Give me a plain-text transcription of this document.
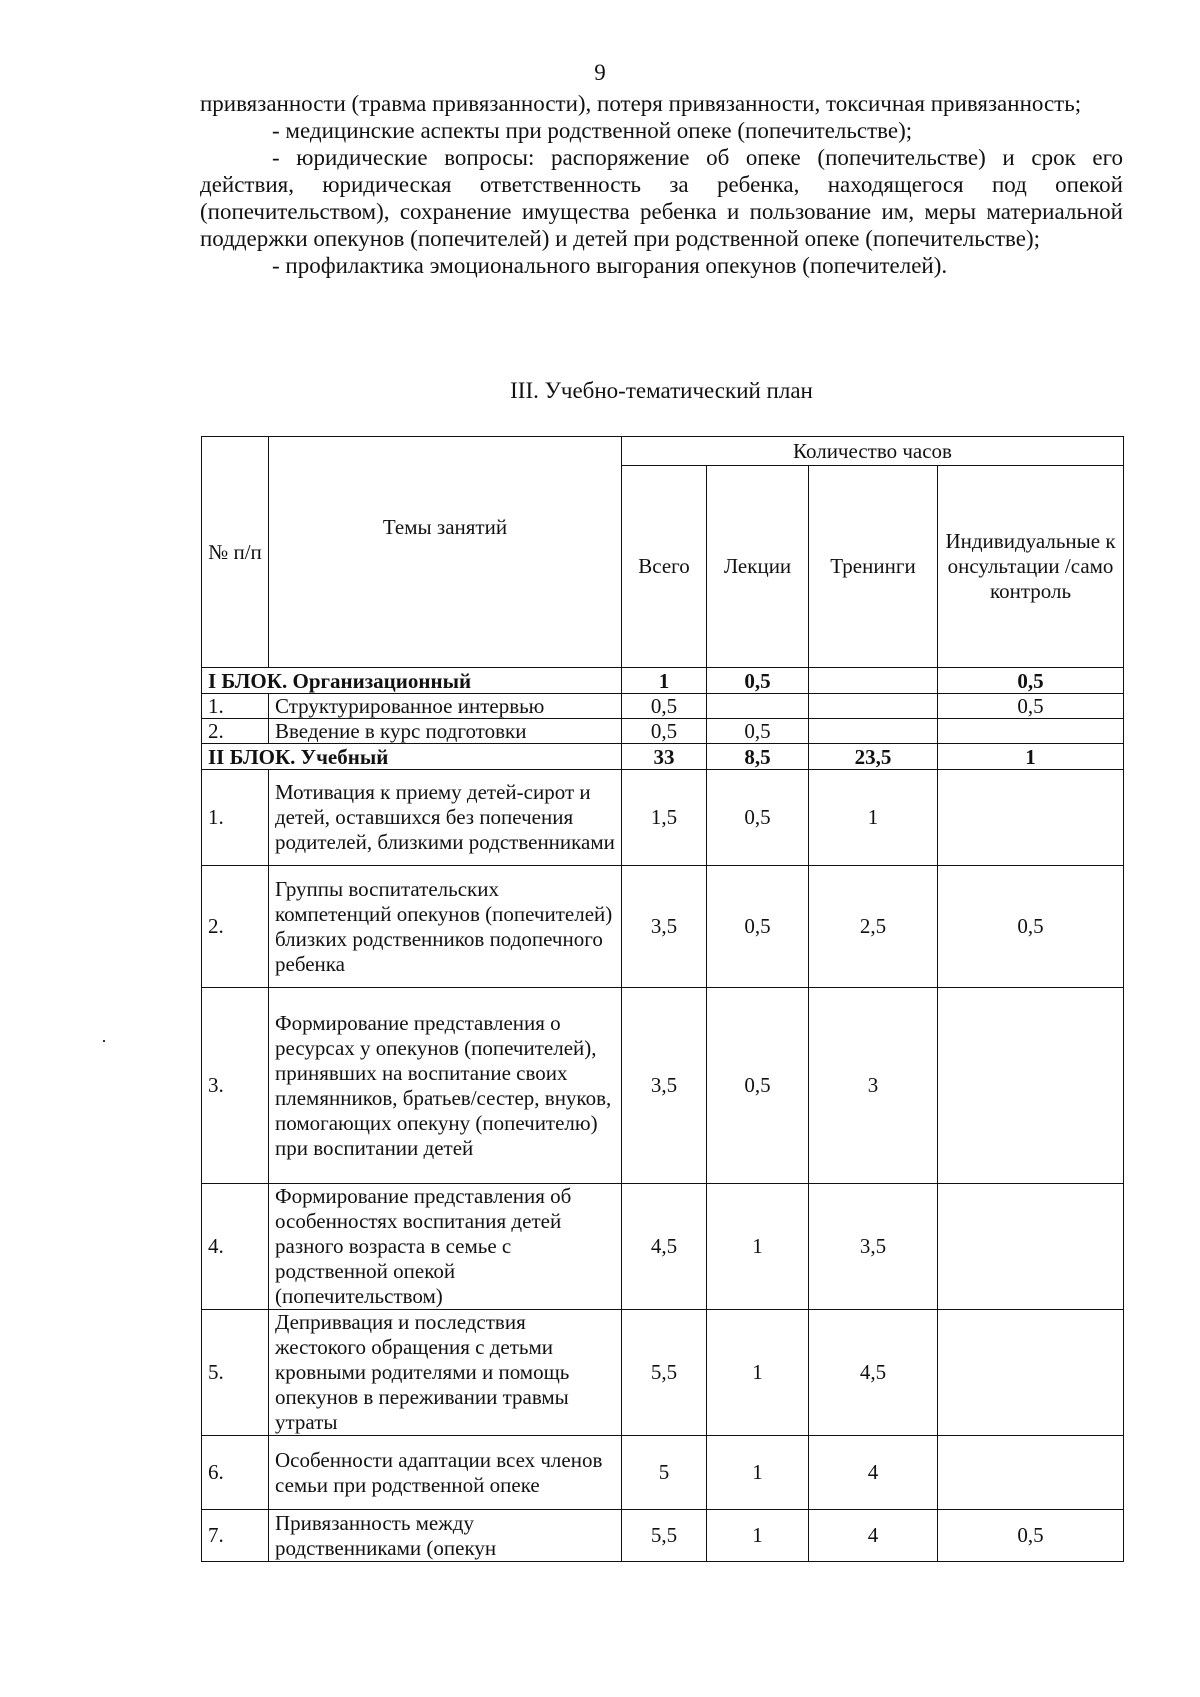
9

привязанности (травма привязанности), потеря привязанности, токсичная привязанность;

- медицинские аспекты при родственной опеке (попечительстве);

- юридические вопросы: распоряжение об опеке (попечительстве) и срок его действия, юридическая ответственность за ребенка, находящегося под опекой (попечительством), сохранение имущества ребенка и пользование им, меры материальной поддержки опекунов (попечителей) и детей при родственной опеке (попечительстве);

- профилактика эмоционального выгорания опекунов (попечителей).

III. Учебно-тематический план
№ п/п	Темы занятий	Количество часов			
		Всего	Лекции	Тренинги	Индивидуальные консультации /самоконтроль
I БЛОК. Организационный		1	0,5		0,5
1.	Структурированное интервью	0,5			0,5
2.	Введение в курс подготовки	0,5	0,5		
II БЛОК. Учебный		33	8,5	23,5	1
1.	Мотивация к приему детей-сирот и детей, оставшихся без попечения родителей, близкими родственниками	1,5	0,5	1	
2.	Группы воспитательских компетенций опекунов (попечителей) близких родственников подопечного ребенка	3,5	0,5	2,5	0,5
3.	Формирование представления о ресурсах у опекунов (попечителей), принявших на воспитание своих племянников, братьев/сестер, внуков, помогающих опекуну (попечителю) при воспитании детей	3,5	0,5	3	
4.	Формирование представления об особенностях воспитания детей разного возраста в семье с родственной опекой (попечительством)	4,5	1	3,5	
5.	Деприввация и последствия жестокого обращения с детьми кровными родителями и помощь опекунов в переживании травмы утраты	5,5	1	4,5	
6.	Особенности адаптации всех членов семьи при родственной опеке	5	1	4	
7.	Привязанность между родственниками (опекун	5,5	1	4	0,5
